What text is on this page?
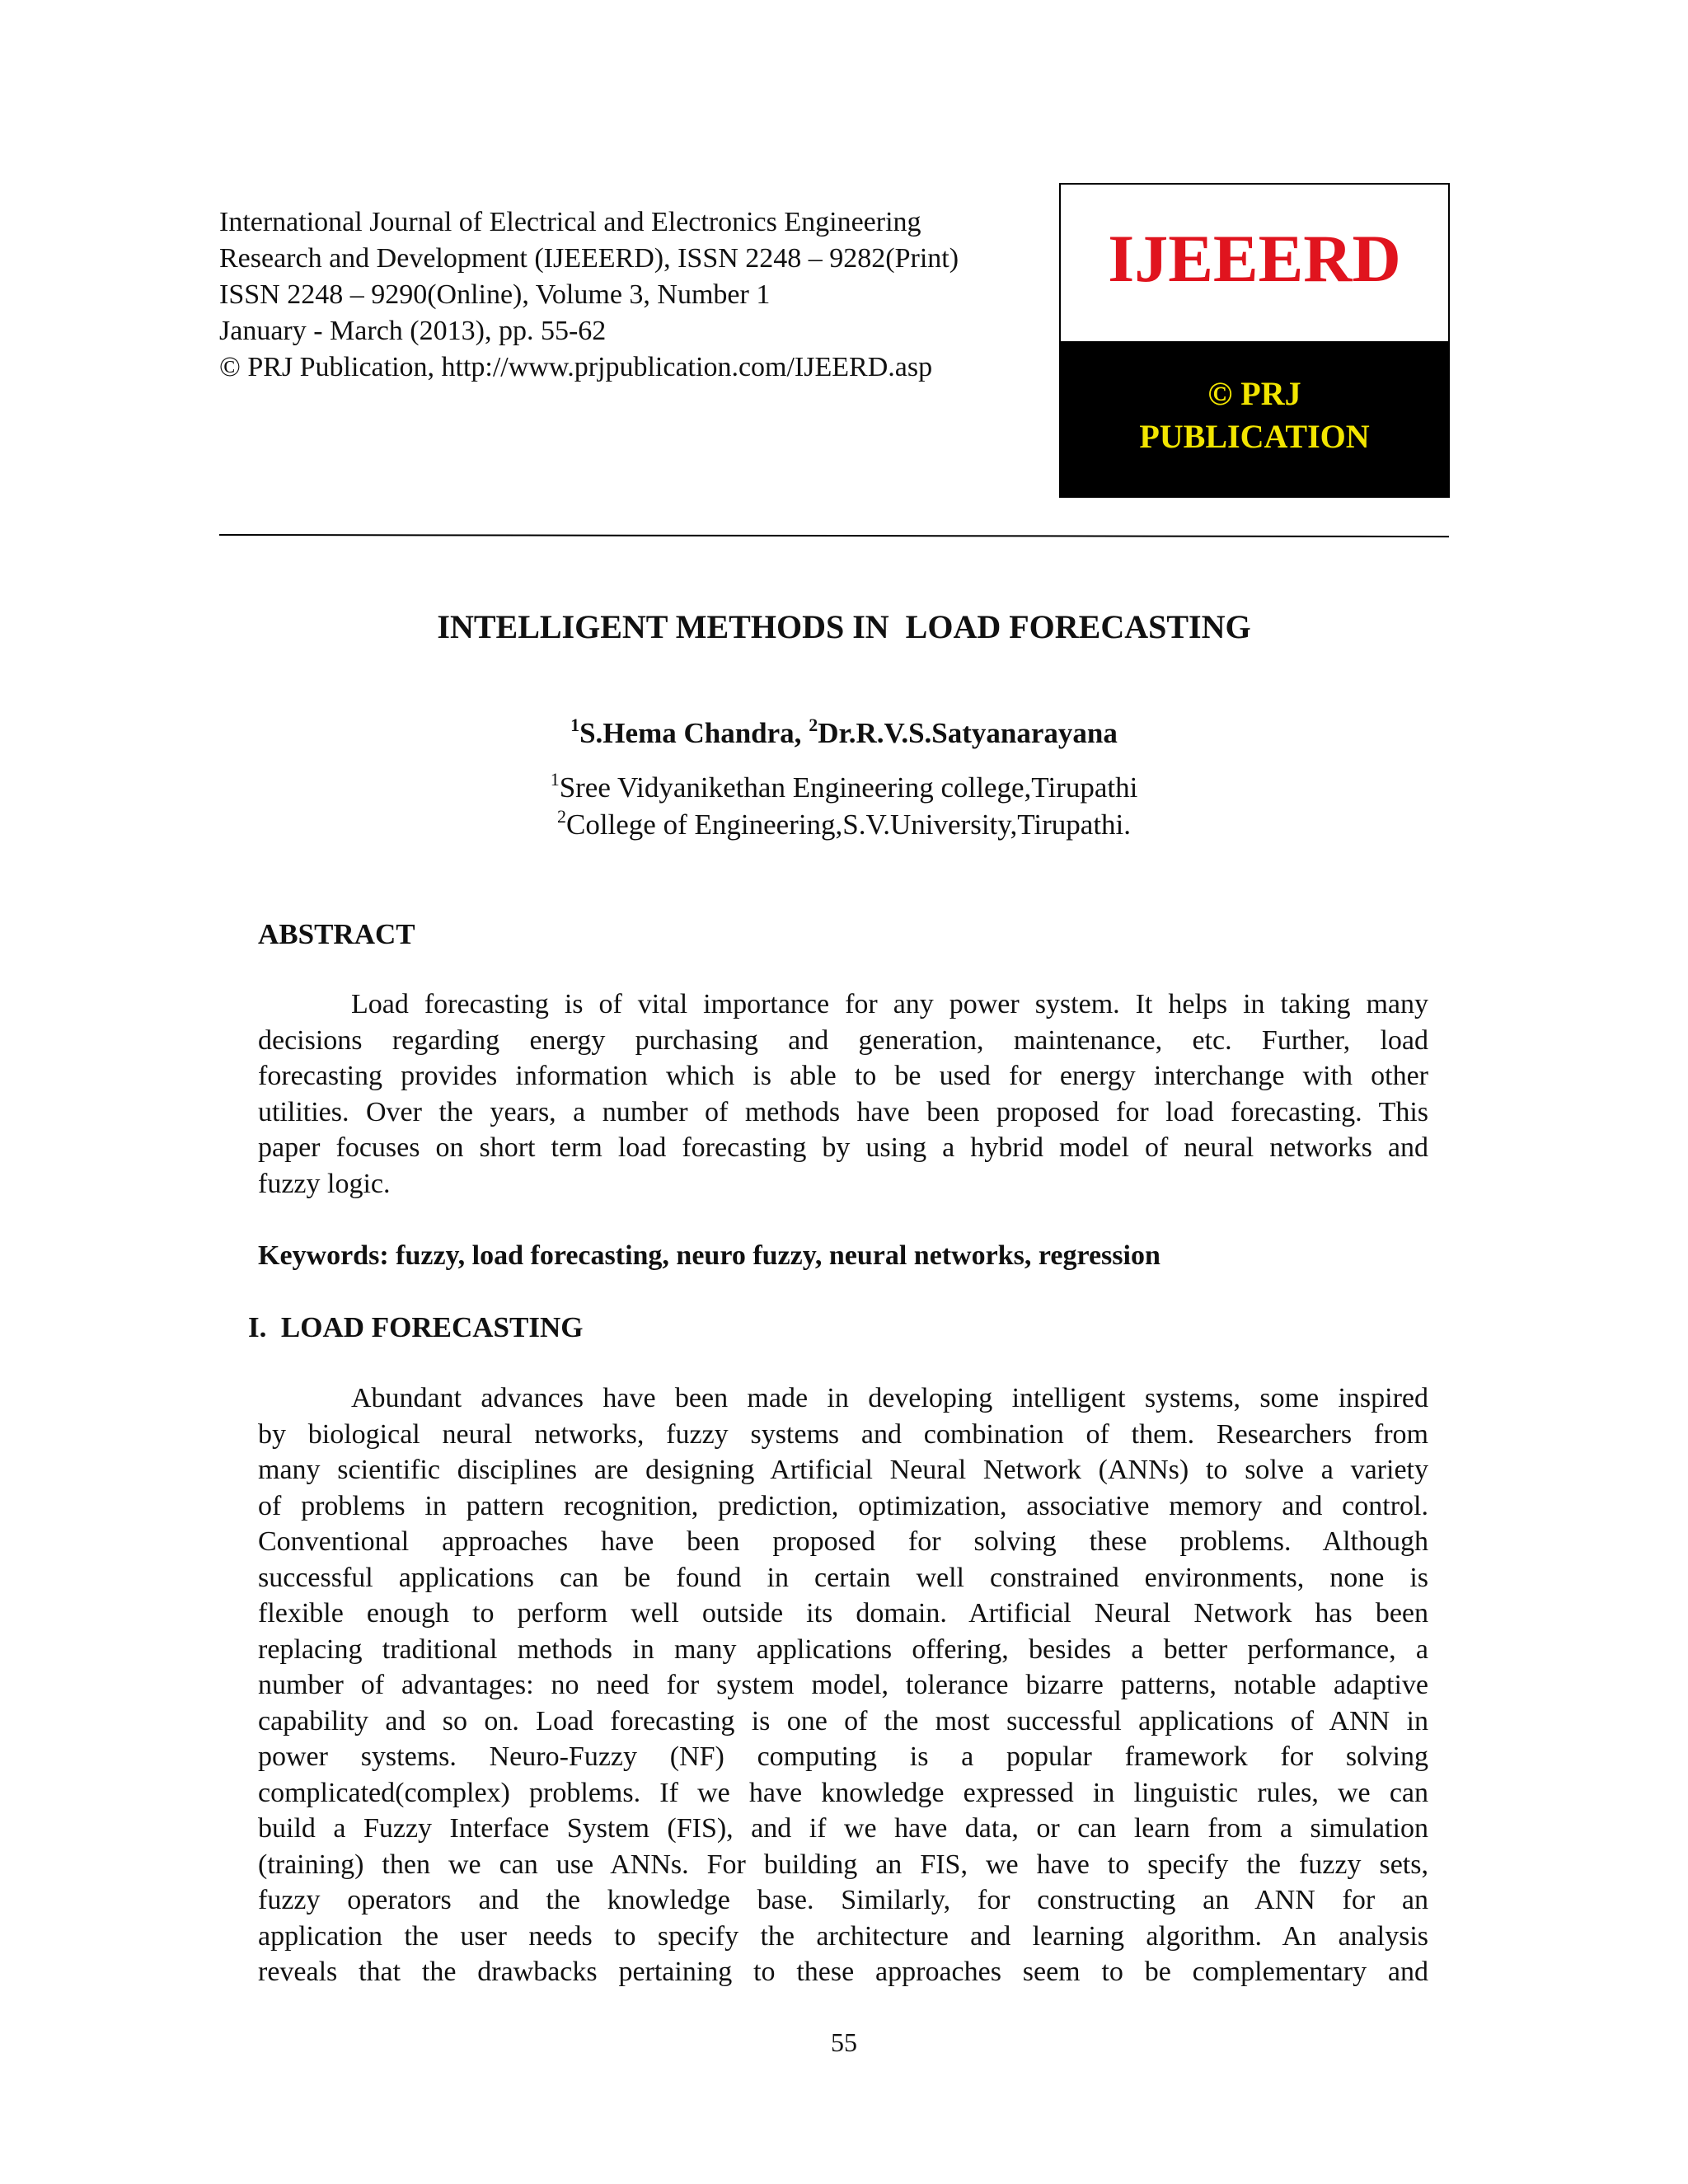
International Journal of Electrical and Electronics Engineering
Research and Development (IJEEERD), ISSN 2248 – 9282(Print)
ISSN 2248 – 9290(Online), Volume 3, Number 1
January - March (2013), pp. 55-62
© PRJ Publication, http://www.prjpublication.com/IJEERD.asp
IJEEERD
© PRJ
PUBLICATION
INTELLIGENT METHODS IN  LOAD FORECASTING
$^1$S.Hema Chandra, $^2$Dr.R.V.S.Satyanarayana
$^1$Sree Vidyanikethan Engineering college,Tirupathi
$^2$College of Engineering,S.V.University,Tirupathi.
ABSTRACT
Load forecasting is of vital importance for any power system. It helps in taking many
decisions regarding energy purchasing and generation, maintenance, etc. Further, load
forecasting provides information which is able to be used for energy interchange with other
utilities. Over the years, a number of methods have been proposed for load forecasting. This
paper focuses on short term load forecasting by using a hybrid model of neural networks and
fuzzy logic.
Keywords: fuzzy, load forecasting, neuro fuzzy, neural networks, regression
I.  LOAD FORECASTING
Abundant advances have been made in developing intelligent systems, some inspired
by biological neural networks, fuzzy systems and combination of them. Researchers from
many scientific disciplines are designing Artificial Neural Network (ANNs) to solve a variety
of problems in pattern recognition, prediction, optimization, associative memory and control.
Conventional approaches have been proposed for solving these problems. Although
successful applications can be found in certain well constrained environments, none is
flexible enough to perform well outside its domain. Artificial Neural Network has been
replacing traditional methods in many applications offering, besides a better performance, a
number of advantages: no need for system model, tolerance bizarre patterns, notable adaptive
capability and so on. Load forecasting is one of the most successful applications of ANN in
power systems. Neuro-Fuzzy (NF) computing is a popular framework for solving
complicated(complex) problems. If we have knowledge expressed in linguistic rules, we can
build a Fuzzy Interface System (FIS), and if we have data, or can learn from a simulation
(training) then we can use ANNs. For building an FIS, we have to specify the fuzzy sets,
fuzzy operators and the knowledge base. Similarly, for constructing an ANN for an
application the user needs to specify the architecture and learning algorithm. An analysis
reveals that the drawbacks pertaining to these approaches seem to be complementary and
55
